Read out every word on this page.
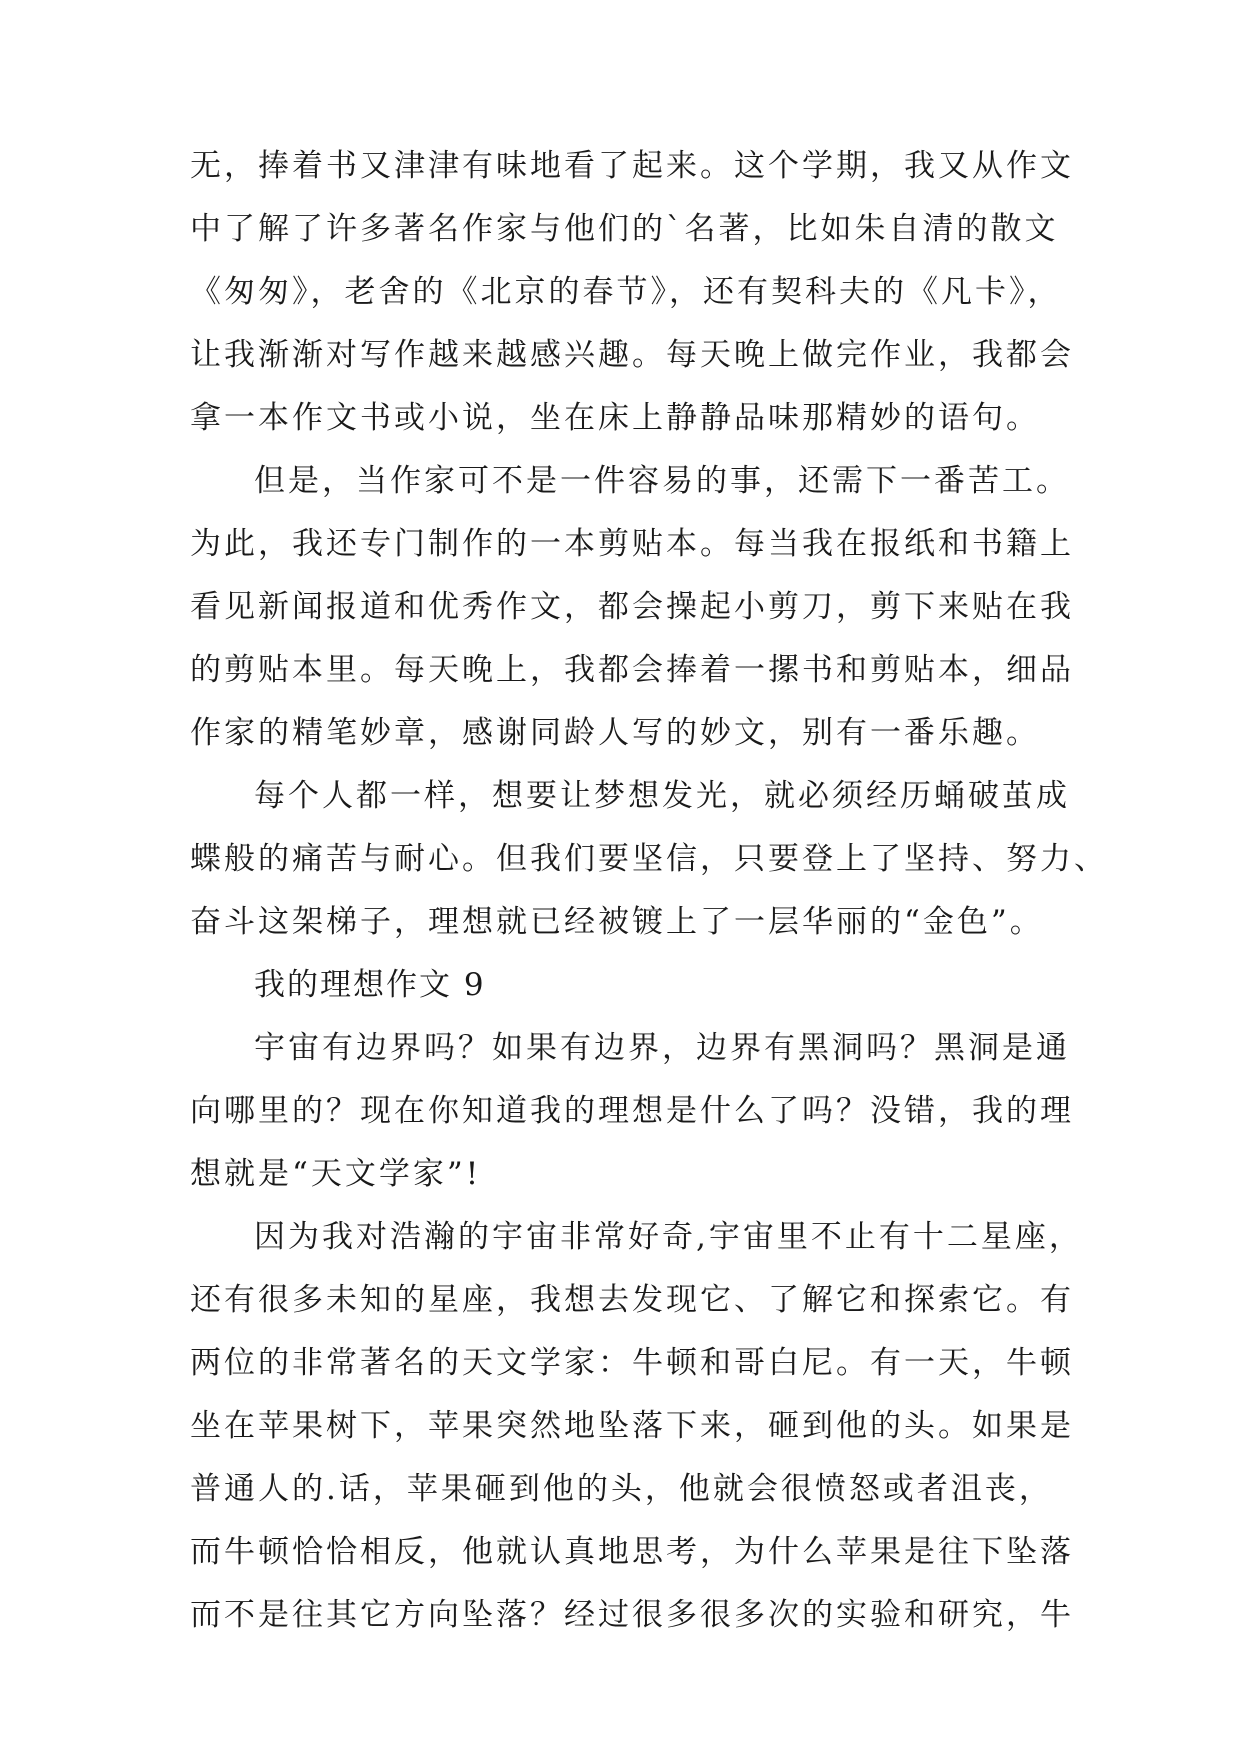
无，捧着书又津津有味地看了起来。这个学期，我又从作文
中了解了许多著名作家与他们的`名著，比如朱自清的散文
《匆匆》，老舍的《北京的春节》，还有契科夫的《凡卡》，
让我渐渐对写作越来越感兴趣。每天晚上做完作业，我都会
拿一本作文书或小说，坐在床上静静品味那精妙的语句。
但是，当作家可不是一件容易的事，还需下一番苦工。
为此，我还专门制作的一本剪贴本。每当我在报纸和书籍上
看见新闻报道和优秀作文，都会操起小剪刀，剪下来贴在我
的剪贴本里。每天晚上，我都会捧着一摞书和剪贴本，细品
作家的精笔妙章，感谢同龄人写的妙文，别有一番乐趣。
每个人都一样，想要让梦想发光，就必须经历蛹破茧成
蝶般的痛苦与耐心。但我们要坚信，只要登上了坚持、努力、
奋斗这架梯子，理想就已经被镀上了一层华丽的“金色”。
我的理想作文 9
宇宙有边界吗？如果有边界，边界有黑洞吗？黑洞是通
向哪里的？现在你知道我的理想是什么了吗？没错，我的理
想就是“天文学家”!
因为我对浩瀚的宇宙非常好奇,宇宙里不止有十二星座，
还有很多未知的星座，我想去发现它、了解它和探索它。有
两位的非常著名的天文学家：牛顿和哥白尼。有一天，牛顿
坐在苹果树下，苹果突然地坠落下来，砸到他的头。如果是
普通人的.话，苹果砸到他的头，他就会很愤怒或者沮丧，
而牛顿恰恰相反，他就认真地思考，为什么苹果是往下坠落
而不是往其它方向坠落？经过很多很多次的实验和研究，牛
